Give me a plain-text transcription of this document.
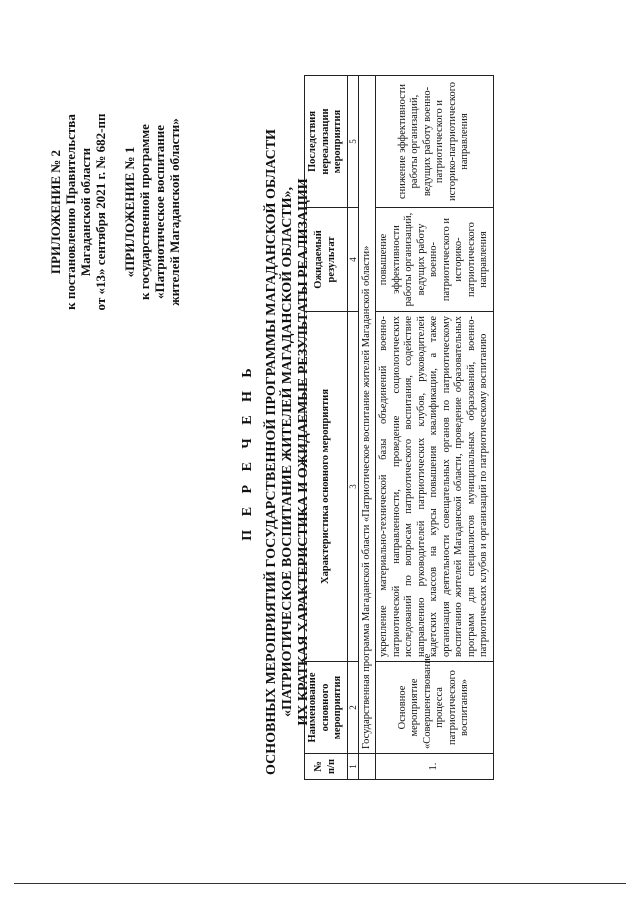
ПРИЛОЖЕНИЕ № 2 к постановлению Правительства Магаданской области от «13» сентября 2021 г. № 682-пп «ПРИЛОЖЕНИЕ № 1 к государственной программе «Патриотическое воспитание жителей Магаданской области»

П Е Р Е Ч Е Н Ь ОСНОВНЫХ МЕРОПРИЯТИЙ ГОСУДАРСТВЕННОЙ ПРОГРАММЫ МАГАДАНСКОЙ ОБЛАСТИ «ПАТРИОТИЧЕСКОЕ ВОСПИТАНИЕ ЖИТЕЛЕЙ МАГАДАНСКОЙ ОБЛАСТИ», ИХ КРАТКАЯ ХАРАКТЕРИСТИКА И ОЖИДАЕМЫЕ РЕЗУЛЬТАТЫ РЕАЛИЗАЦИИ

№ п/п	Наименование основного мероприятия	Характеристика основного мероприятия	Ожидаемый результат	Последствия нереализации мероприятия
1	2	3	4	5
	Государственная программа Магаданской области «Патриотическое воспитание жителей Магаданской области»			
1.	Основное мероприятие «Совершенствование процесса патриотического воспитания»	укрепление материально-технической базы объединений военно-патриотической направленности, проведение социологических исследований по вопросам патриотического воспитания, содействие направлению руководителей патриотических клубов, руководителей кадетских классов на курсы повышения квалификации, а также организация деятельности совещательных органов по патриотическому воспитанию жителей Магаданской области, проведение образовательных программ для специалистов муниципальных образований, военно-патриотических клубов и организаций по патриотическому воспитанию	повышение эффективности работы организаций, ведущих работу военно-патриотического и историко-патриотического направления	снижение эффективности работы организаций, ведущих работу военно-патриотического и историко-патриотического направления
